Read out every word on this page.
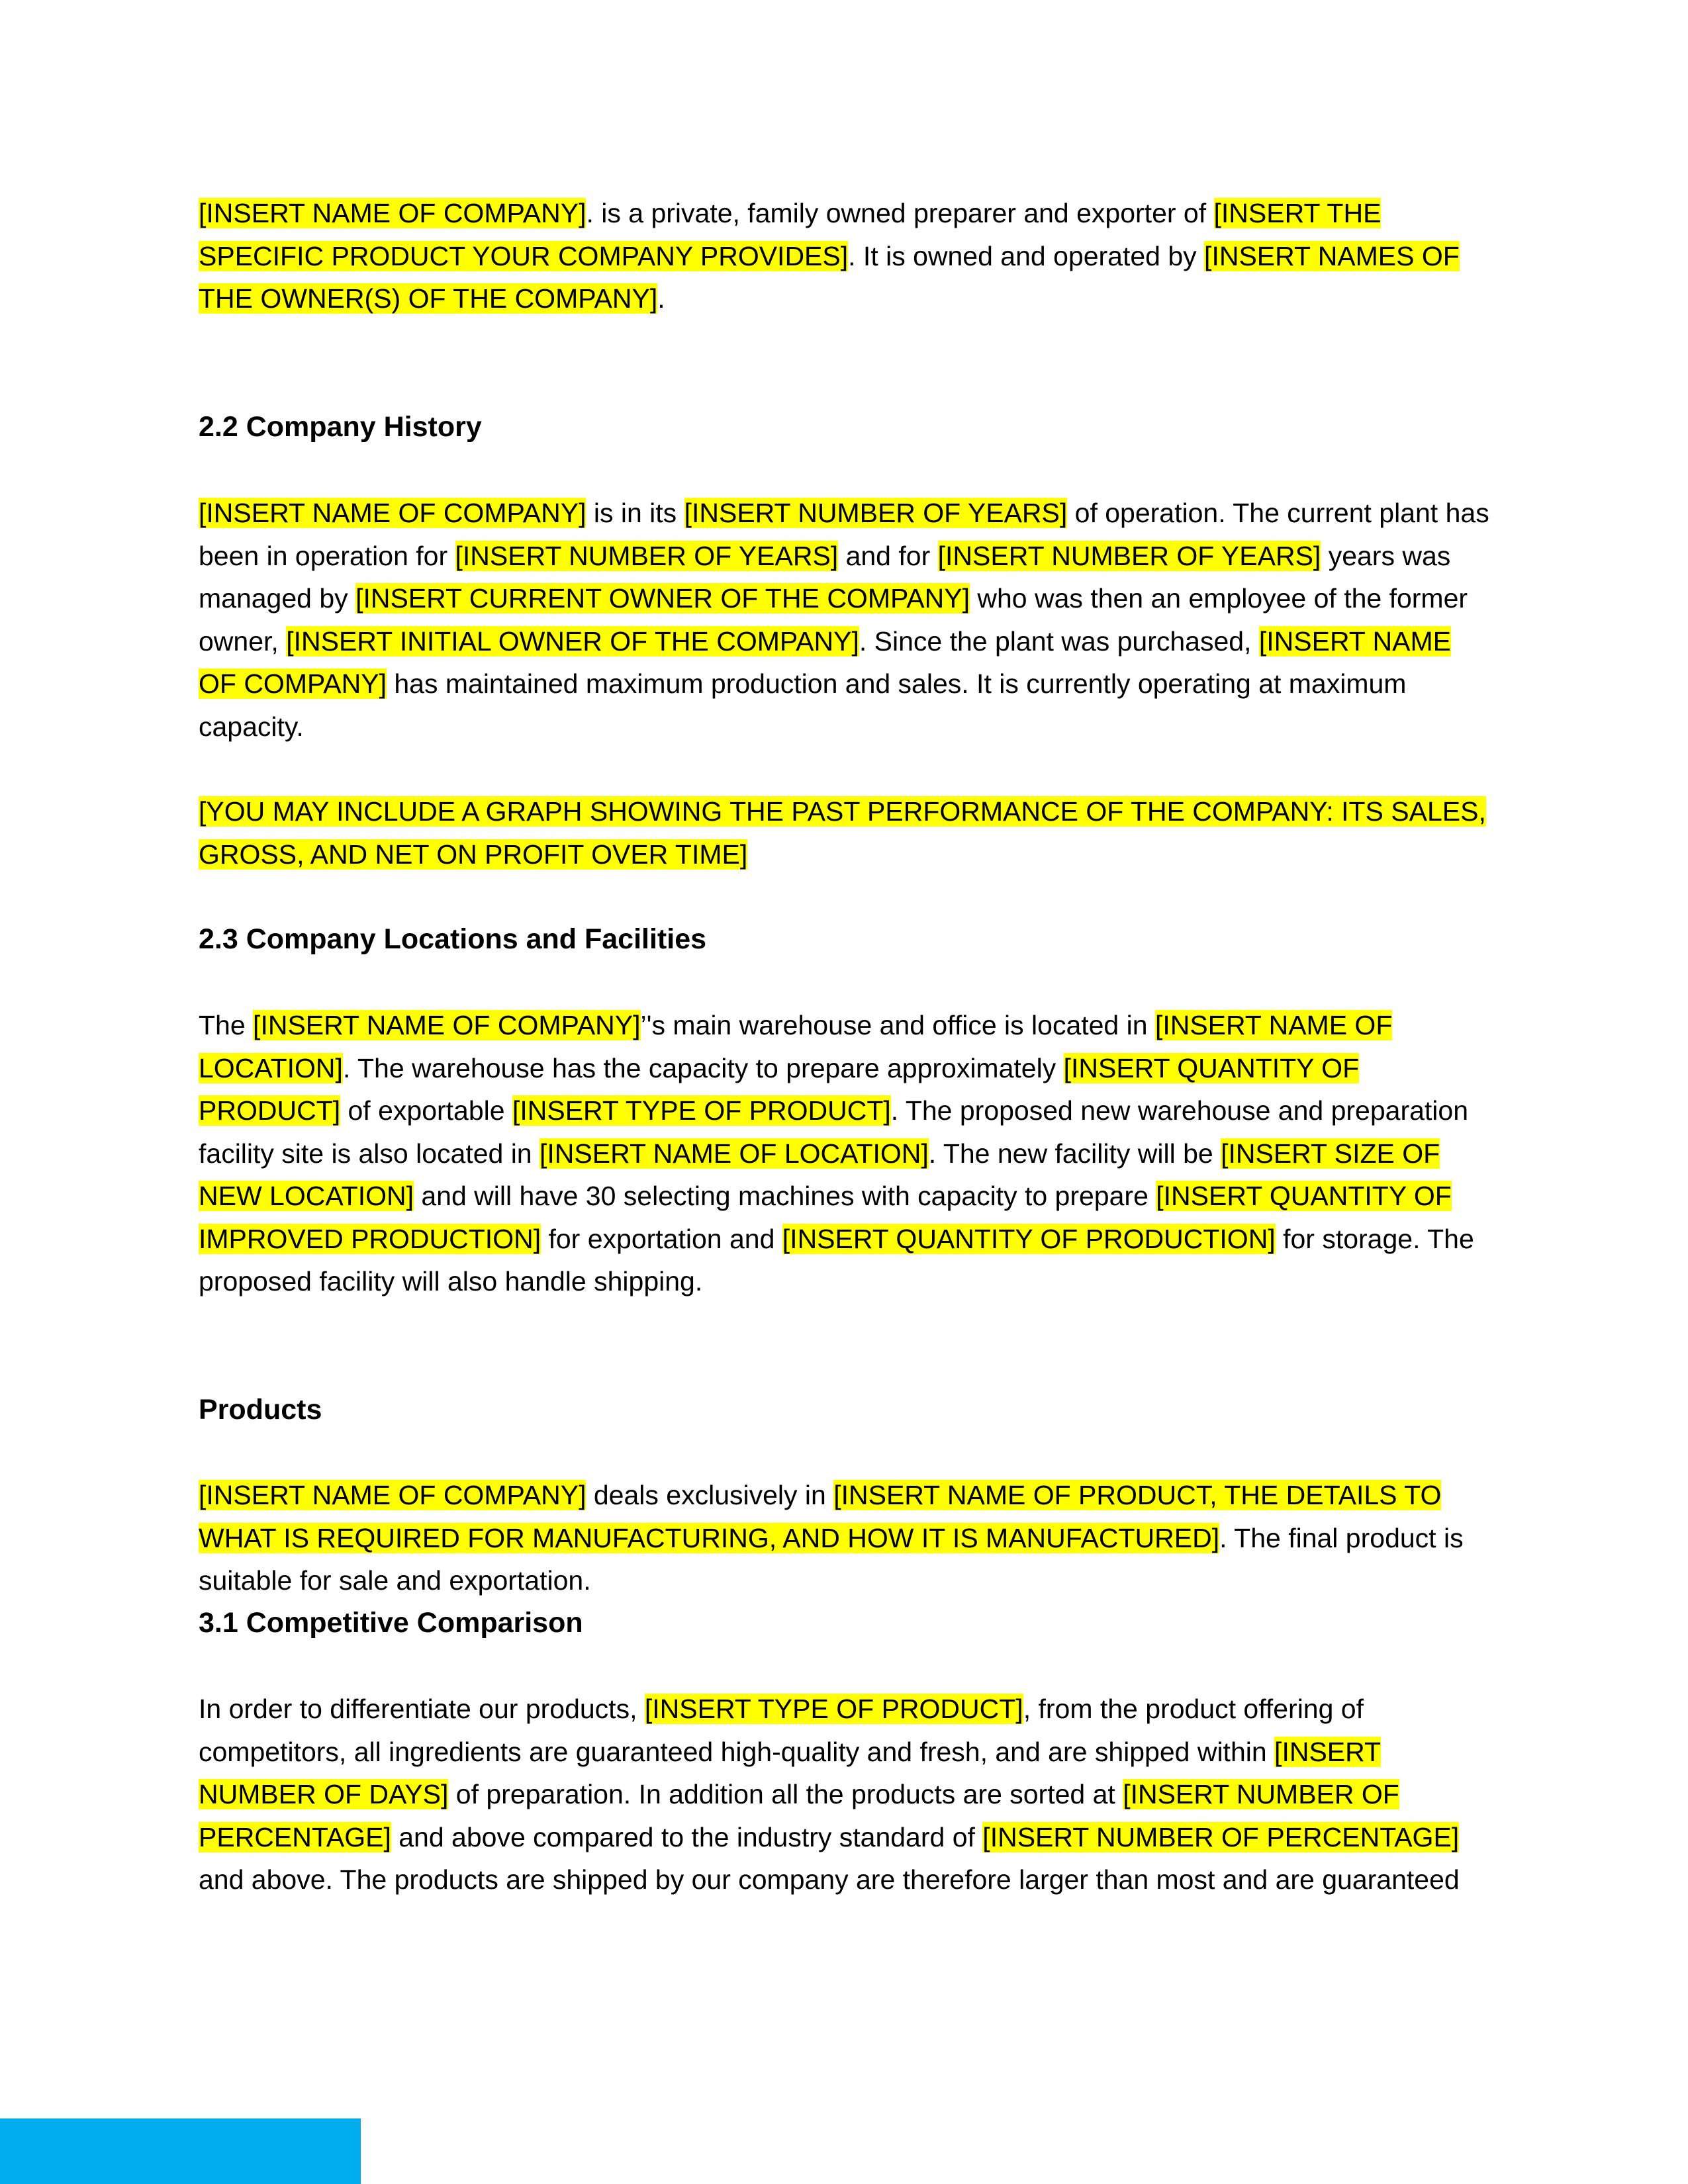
[INSERT NAME OF COMPANY]. is a private, family owned preparer and exporter of [INSERT THE SPECIFIC PRODUCT YOUR COMPANY PROVIDES]. It is owned and operated by [INSERT NAMES OF THE OWNER(S) OF THE COMPANY].

2.2 Company History

[INSERT NAME OF COMPANY] is in its [INSERT NUMBER OF YEARS] of operation. The current plant has been in operation for [INSERT NUMBER OF YEARS] and for [INSERT NUMBER OF YEARS] years was managed by [INSERT CURRENT OWNER OF THE COMPANY] who was then an employee of the former owner, [INSERT INITIAL OWNER OF THE COMPANY]. Since the plant was purchased, [INSERT NAME OF COMPANY] has maintained maximum production and sales. It is currently operating at maximum capacity.

[YOU MAY INCLUDE A GRAPH SHOWING THE PAST PERFORMANCE OF THE COMPANY: ITS SALES, GROSS, AND NET ON PROFIT OVER TIME]

2.3 Company Locations and Facilities

The [INSERT NAME OF COMPANY]’'s main warehouse and office is located in [INSERT NAME OF LOCATION]. The warehouse has the capacity to prepare approximately [INSERT QUANTITY OF PRODUCT] of exportable [INSERT TYPE OF PRODUCT]. The proposed new warehouse and preparation facility site is also located in [INSERT NAME OF LOCATION]. The new facility will be [INSERT SIZE OF NEW LOCATION] and will have 30 selecting machines with capacity to prepare [INSERT QUANTITY OF IMPROVED PRODUCTION] for exportation and [INSERT QUANTITY OF PRODUCTION] for storage. The proposed facility will also handle shipping.

Products

[INSERT NAME OF COMPANY] deals exclusively in [INSERT NAME OF PRODUCT, THE DETAILS TO WHAT IS REQUIRED FOR MANUFACTURING, AND HOW IT IS MANUFACTURED]. The final product is suitable for sale and exportation.

3.1 Competitive Comparison

In order to differentiate our products, [INSERT TYPE OF PRODUCT], from the product offering of competitors, all ingredients are guaranteed high-quality and fresh, and are shipped within [INSERT NUMBER OF DAYS] of preparation. In addition all the products are sorted at [INSERT NUMBER OF PERCENTAGE] and above compared to the industry standard of [INSERT NUMBER OF PERCENTAGE] and above. The products are shipped by our company are therefore larger than most and are guaranteed
